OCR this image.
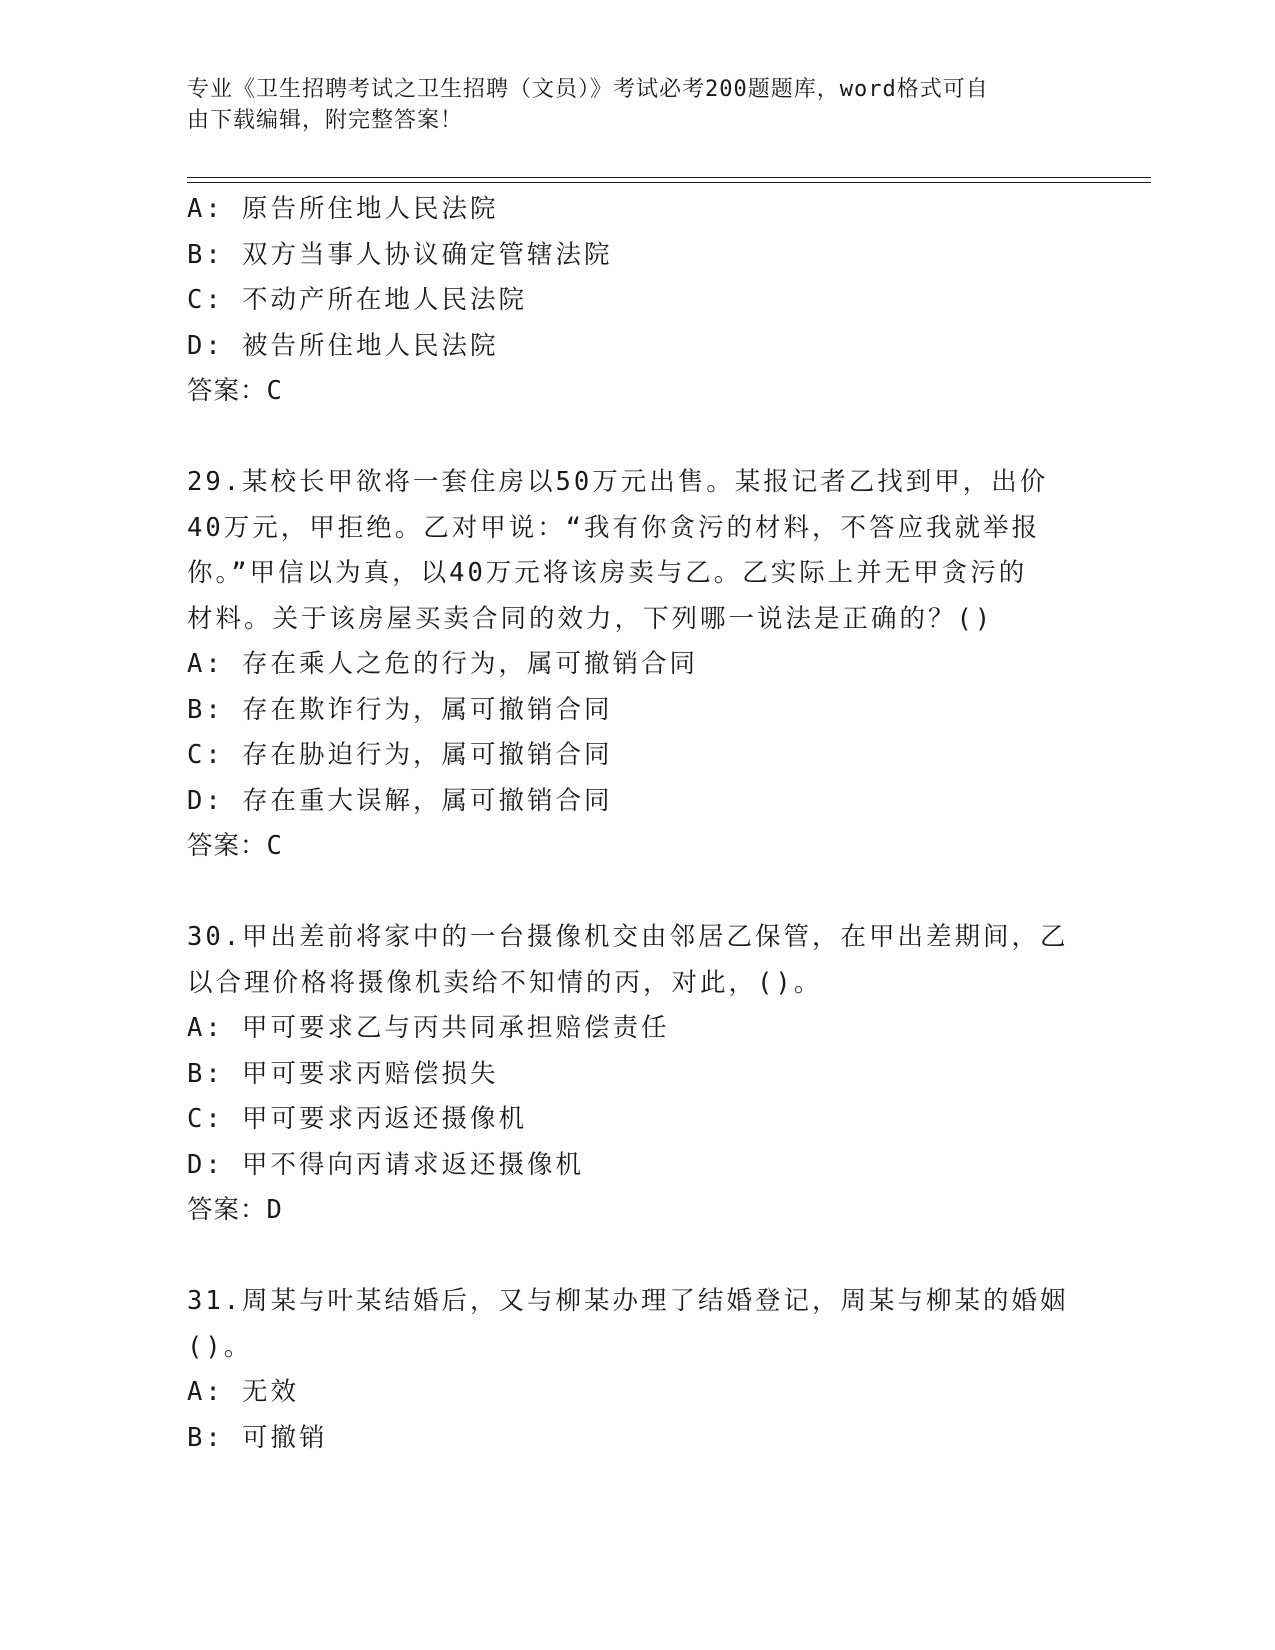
专业《卫生招聘考试之卫生招聘（文员）》考试必考200题题库，word格式可自
由下载编辑，附完整答案！
A: 原告所住地人民法院
B: 双方当事人协议确定管辖法院
C: 不动产所在地人民法院
D: 被告所住地人民法院
答案：C
29.某校长甲欲将一套住房以50万元出售。某报记者乙找到甲，出价
40万元，甲拒绝。乙对甲说：“我有你贪污的材料，不答应我就举报
你。”甲信以为真，以40万元将该房卖与乙。乙实际上并无甲贪污的
材料。关于该房屋买卖合同的效力，下列哪一说法是正确的？()
A: 存在乘人之危的行为，属可撤销合同
B: 存在欺诈行为，属可撤销合同
C: 存在胁迫行为，属可撤销合同
D: 存在重大误解，属可撤销合同
答案：C
30.甲出差前将家中的一台摄像机交由邻居乙保管，在甲出差期间，乙
以合理价格将摄像机卖给不知情的丙，对此，()。
A: 甲可要求乙与丙共同承担赔偿责任
B: 甲可要求丙赔偿损失
C: 甲可要求丙返还摄像机
D: 甲不得向丙请求返还摄像机
答案：D
31.周某与叶某结婚后，又与柳某办理了结婚登记，周某与柳某的婚姻
()。
A: 无效
B: 可撤销
